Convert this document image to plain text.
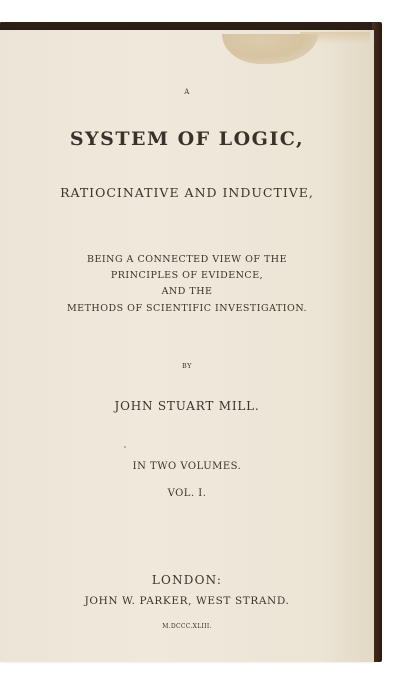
A
SYSTEM OF LOGIC,
RATIOCINATIVE AND INDUCTIVE,
BEING A CONNECTED VIEW OF THE
PRINCIPLES OF EVIDENCE,
AND THE
METHODS OF SCIENTIFIC INVESTIGATION.
BY
JOHN STUART MILL.
IN TWO VOLUMES.
VOL. I.
LONDON:
JOHN W. PARKER, WEST STRAND.
M.DCCC.XLIII.
